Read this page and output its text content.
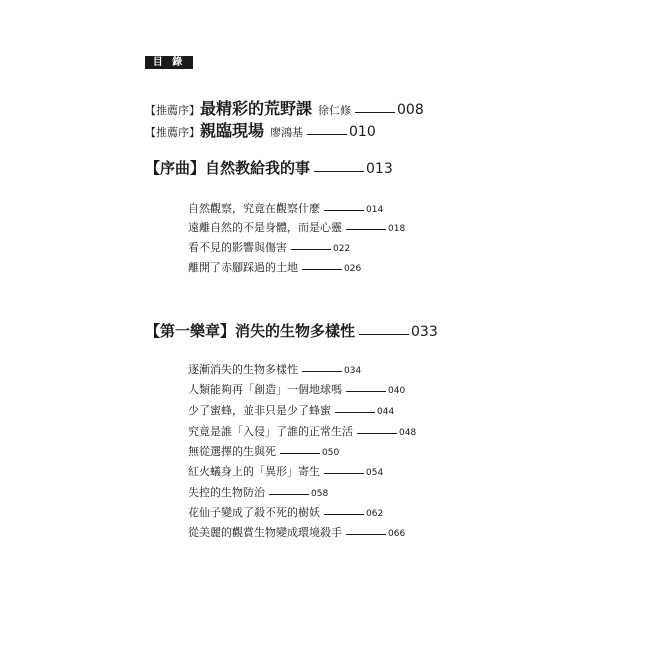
目 錄
【推薦序】 最精彩的荒野課 徐仁修	008
【推薦序】 親臨現場 廖鴻基	010
【序曲】自然教給我的事	013
自然觀察，究竟在觀察什麼	014
遠離自然的不是身體，而是心靈	018
看不見的影響與傷害	022
離開了赤腳踩過的土地	026
【第一樂章】消失的生物多樣性	033
逐漸消失的生物多樣性	034
人類能夠再「創造」一個地球嗎	040
少了蜜蜂，並非只是少了蜂蜜	044
究竟是誰「入侵」了誰的正常生活	048
無從選擇的生與死	050
紅火蟻身上的「異形」寄生	054
失控的生物防治	058
花仙子變成了殺不死的樹妖	062
從美麗的觀賞生物變成環境殺手	066
